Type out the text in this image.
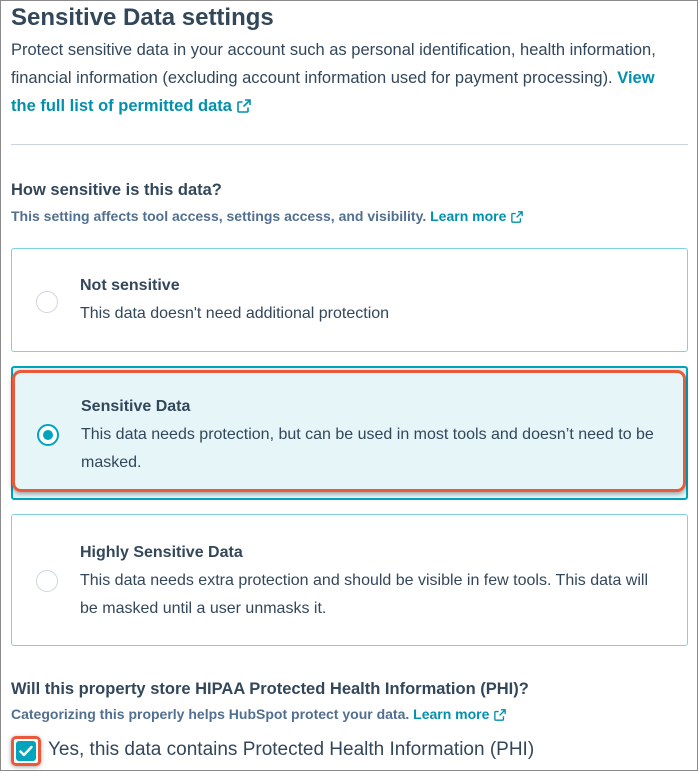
Sensitive Data settings
Protect sensitive data in your account such as personal identification, health information, financial information (excluding account information used for payment processing). View the full list of permitted data
How sensitive is this data?
This setting affects tool access, settings access, and visibility. Learn more
Not sensitive
This data doesn't need additional protection
Sensitive Data
This data needs protection, but can be used in most tools and doesn’t need to be masked.
Highly Sensitive Data
This data needs extra protection and should be visible in few tools. This data will be masked until a user unmasks it.
Will this property store HIPAA Protected Health Information (PHI)?
Categorizing this properly helps HubSpot protect your data. Learn more
Yes, this data contains Protected Health Information (PHI)
